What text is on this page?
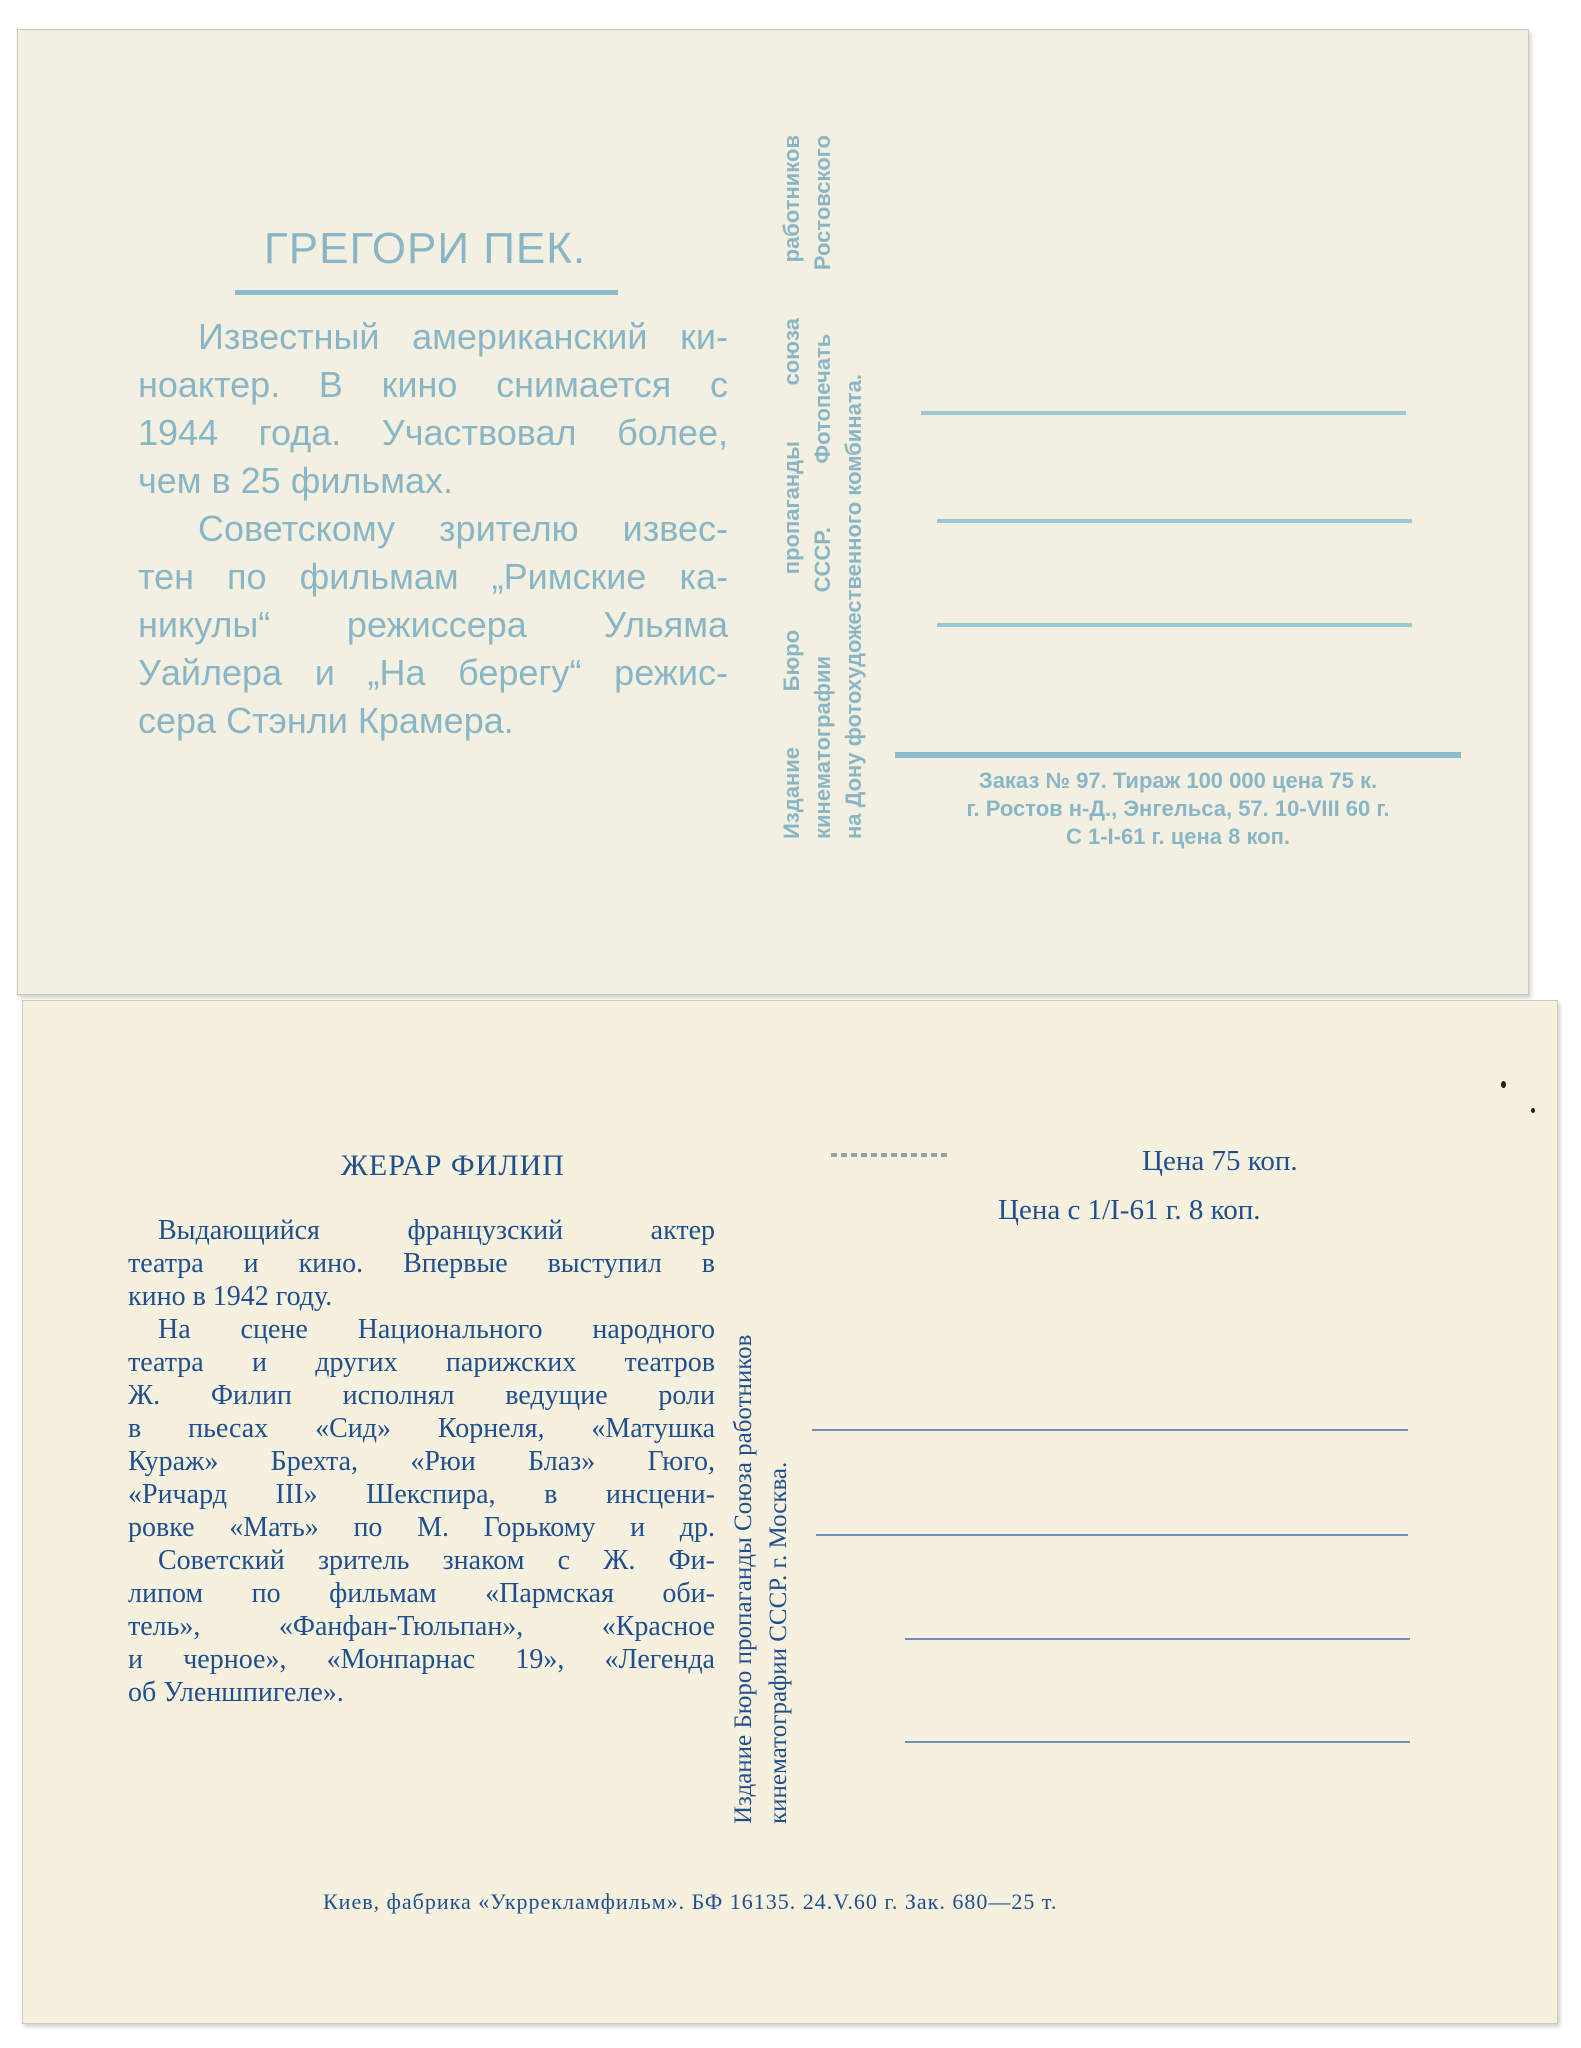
ГРЕГОРИ ПЕК.
Известный американский ки-
ноактер. В кино снимается с
1944 года. Участвовал более,
чем в 25 фильмах.
Советскому зрителю извес-
тен по фильмам „Римские ка-
никулы“ режиссера Ульяма
Уайлера и „На берегу“ режис-
сера Стэнли Крамера.	Издание Бюро пропаганды союза работников кинематографии СССР. Фотопечать Ростовского на Дону фотохудожественного комбината.	Заказ № 97. Тираж 100 000 цена 75 к.
г. Ростов н-Д., Энгельса, 57. 10-VIII 60 г.
С 1-I-61 г. цена 8 коп.
ЖЕРАР ФИЛИП
Выдающийся французский актер
театра и кино. Впервые выступил в
кино в 1942 году.
На сцене Национального народного
театра и других парижских театров
Ж. Филип исполнял ведущие роли
в пьесах «Сид» Корнеля, «Матушка
Кураж» Брехта, «Рюи Блаз» Гюго,
«Ричард III» Шекспира, в инсцени-
ровке «Мать» по М. Горькому и др.
Советский зритель знаком с Ж. Фи-
липом по фильмам «Пармская оби-
тель», «Фанфан-Тюльпан», «Красное
и черное», «Монпарнас 19», «Легенда
об Уленшпигеле».	Издание Бюро пропаганды Союза работников кинематографии СССР. г. Москва.
Цена 75 коп.
Цена с 1/I-61 г. 8 коп.
Киев, фабрика «Укррекламфильм». БФ 16135. 24.V.60 г. Зак. 680—25 т.
